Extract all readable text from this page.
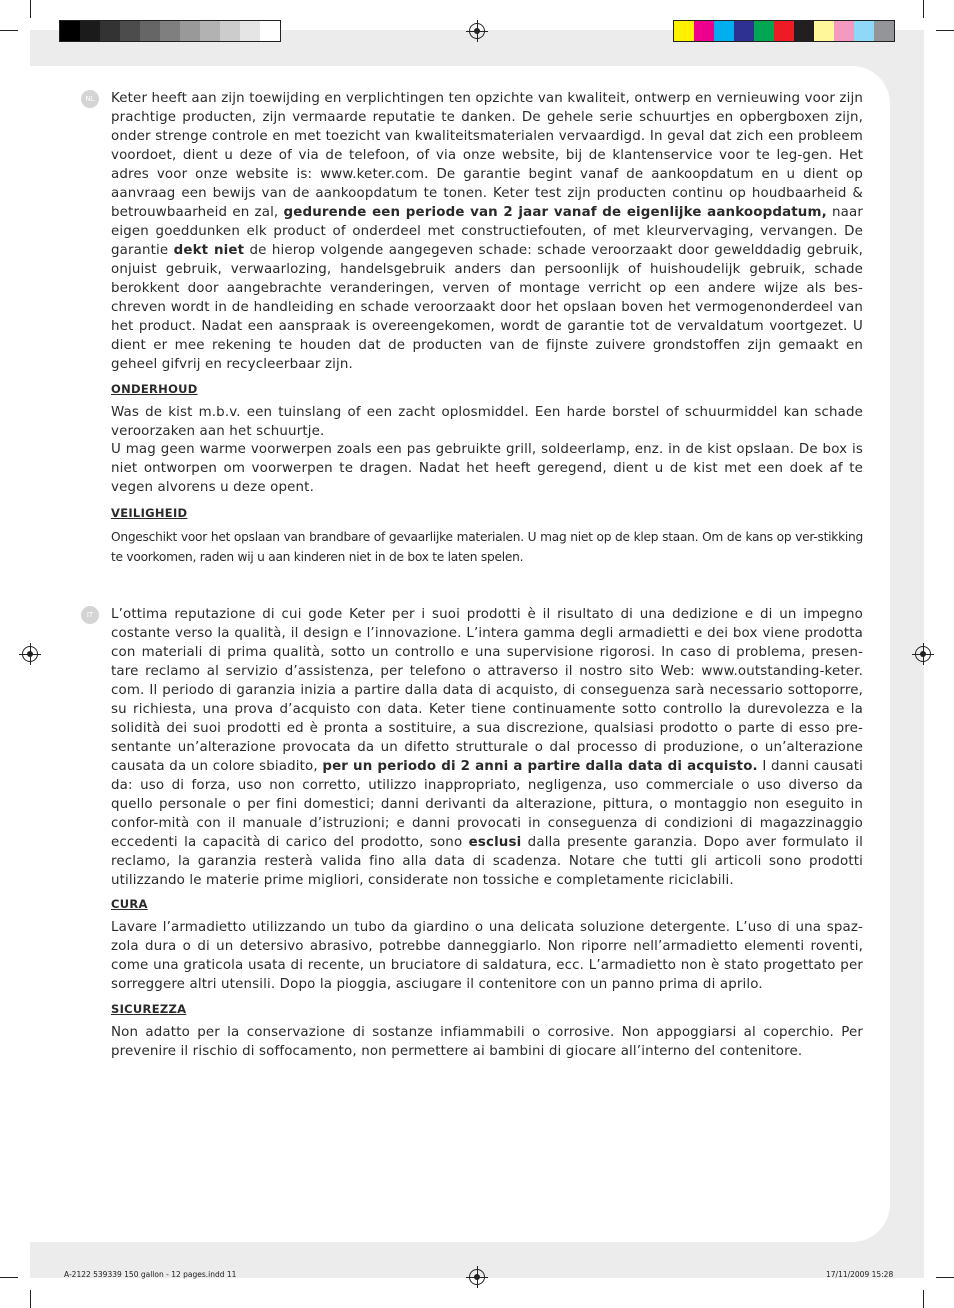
NL	Keter heeft aan zijn toewijding en verplichtingen ten opzichte van kwaliteit, ontwerp en vernieuwing voor zijn prachtige producten, zijn vermaarde reputatie te danken. De gehele serie schuurtjes en opbergboxen zijn, onder strenge controle en met toezicht van kwaliteitsmaterialen vervaardigd. In geval dat zich een probleem voordoet, dient u deze of via de telefoon, of via onze website, bij de klantenservice voor te leg-gen. Het adres voor onze website is: www.keter.com. De garantie begint vanaf de aankoopdatum en u dient op aanvraag een bewijs van de aankoopdatum te tonen. Keter test zijn producten continu op houdbaarheid & betrouwbaarheid en zal, gedurende een periode van 2 jaar vanaf de eigenlijke aankoopdatum, naar eigen goeddunken elk product of onderdeel met constructiefouten, of met kleurvervaging, vervangen. De garantie dekt niet de hierop volgende aangegeven schade: schade veroorzaakt door gewelddadig gebruik, onjuist gebruik, verwaarlozing, handelsgebruik anders dan persoonlijk of huishoudelijk gebruik, schade berokkent door aangebrachte veranderingen, verven of montage verricht op een andere wijze als bes-chreven wordt in de handleiding en schade veroorzaakt door het opslaan boven het vermogenonderdeel van het product. Nadat een aanspraak is overeengekomen, wordt de garantie tot de vervaldatum voortgezet. U dient er mee rekening te houden dat de producten van de fijnste zuivere grondstoffen zijn gemaakt en geheel gifvrij en recycleerbaar zijn.

ONDERHOUD

Was de kist m.b.v. een tuinslang of een zacht oplosmiddel. Een harde borstel of schuurmiddel kan schade veroorzaken aan het schuurtje.

U mag geen warme voorwerpen zoals een pas gebruikte grill, soldeerlamp, enz. in de kist opslaan. De box is niet ontworpen om voorwerpen te dragen. Nadat het heeft geregend, dient u de kist met een doek af te vegen alvorens u deze opent.

VEILIGHEID

Ongeschikt voor het opslaan van brandbare of gevaarlijke materialen. U mag niet op de klep staan. Om de kans op ver-stikking te voorkomen, raden wij u aan kinderen niet in de box te laten spelen.

IT	L’ottima reputazione di cui gode Keter per i suoi prodotti è il risultato di una dedizione e di un impegno costante verso la qualità, il design e l’innovazione. L’intera gamma degli armadietti e dei box viene prodotta con materiali di prima qualità, sotto un controllo e una supervisione rigorosi. In caso di problema, presen-tare reclamo al servizio d’assistenza, per telefono o attraverso il nostro sito Web: www.outstanding-keter. com. Il periodo di garanzia inizia a partire dalla data di acquisto, di conseguenza sarà necessario sottoporre, su richiesta, una prova d’acquisto con data. Keter tiene continuamente sotto controllo la durevolezza e la solidità dei suoi prodotti ed è pronta a sostituire, a sua discrezione, qualsiasi prodotto o parte di esso pre-sentante un’alterazione provocata da un difetto strutturale o dal processo di produzione, o un’alterazione causata da un colore sbiadito, per un periodo di 2 anni a partire dalla data di acquisto. I danni causati da: uso di forza, uso non corretto, utilizzo inappropriato, negligenza, uso commerciale o uso diverso da quello personale o per fini domestici; danni derivanti da alterazione, pittura, o montaggio non eseguito in confor-mità con il manuale d’istruzioni; e danni provocati in conseguenza di condizioni di magazzinaggio eccedenti la capacità di carico del prodotto, sono esclusi dalla presente garanzia. Dopo aver formulato il reclamo, la garanzia resterà valida fino alla data di scadenza. Notare che tutti gli articoli sono prodotti utilizzando le materie prime migliori, considerate non tossiche e completamente riciclabili.

CURA

Lavare l’armadietto utilizzando un tubo da giardino o una delicata soluzione detergente. L’uso di una spaz-zola dura o di un detersivo abrasivo, potrebbe danneggiarlo. Non riporre nell’armadietto elementi roventi, come una graticola usata di recente, un bruciatore di saldatura, ecc. L’armadietto non è stato progettato per sorreggere altri utensili. Dopo la pioggia, asciugare il contenitore con un panno prima di aprilo.

SICUREZZA

Non adatto per la conservazione di sostanze infiammabili o corrosive. Non appoggiarsi al coperchio. Per prevenire il rischio di soffocamento, non permettere ai bambini di giocare all’interno del contenitore.

A-2122 539339 150 gallon - 12 pages.indd 11	17/11/2009 15:28
